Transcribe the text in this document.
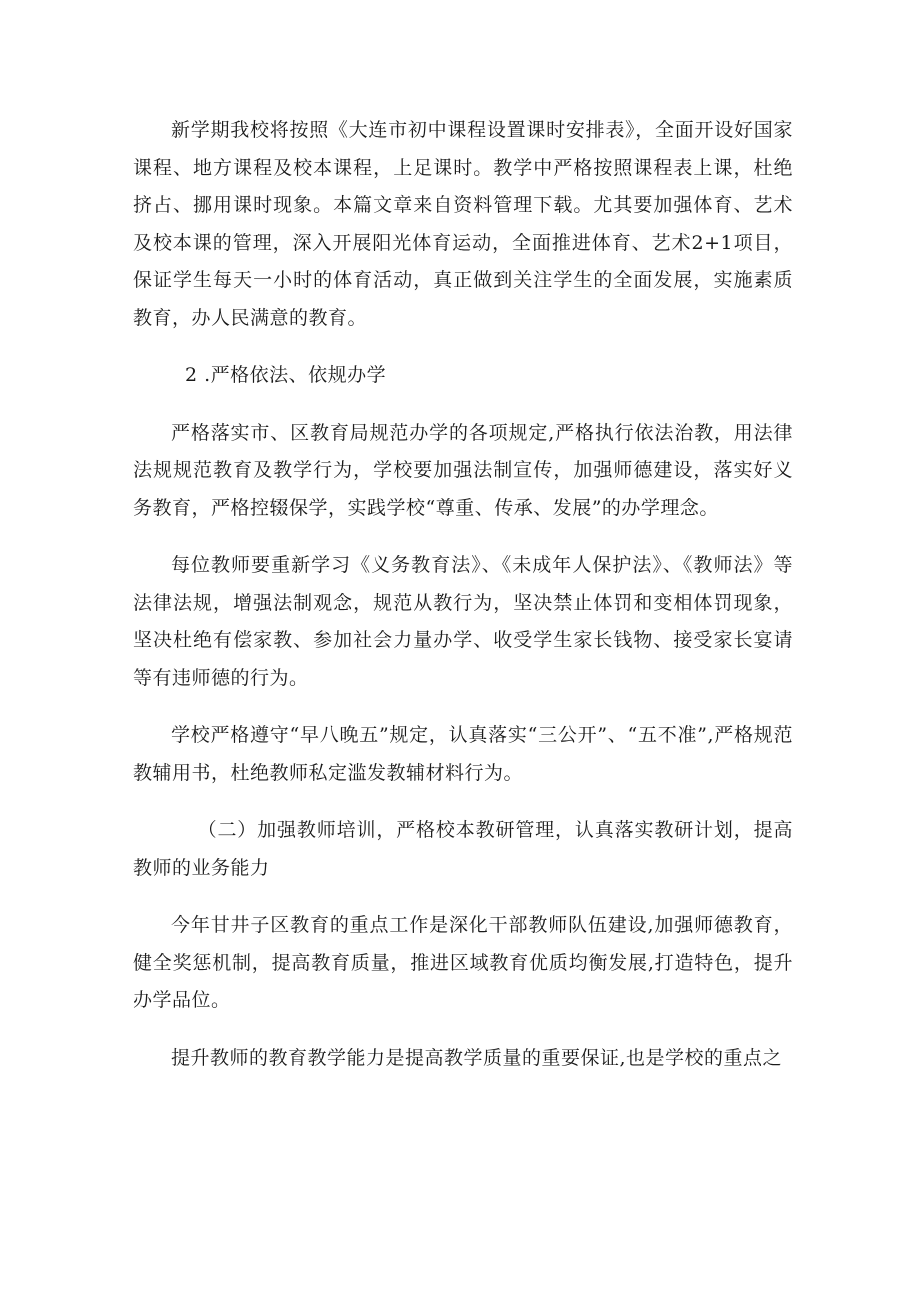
新学期我校将按照《大连市初中课程设置课时安排表》，全面开设好国家课程、地方课程及校本课程，上足课时。教学中严格按照课程表上课，杜绝挤占、挪用课时现象。本篇文章来自资料管理下载。尤其要加强体育、艺术及校本课的管理，深入开展阳光体育运动，全面推进体育、艺术2+1项目，保证学生每天一小时的体育活动，真正做到关注学生的全面发展，实施素质教育，办人民满意的教育。

2 .严格依法、依规办学

严格落实市、区教育局规范办学的各项规定,严格执行依法治教，用法律法规规范教育及教学行为，学校要加强法制宣传，加强师德建设，落实好义务教育，严格控辍保学，实践学校“尊重、传承、发展”的办学理念。

每位教师要重新学习《义务教育法》、《未成年人保护法》、《教师法》等法律法规，增强法制观念，规范从教行为，坚决禁止体罚和变相体罚现象，坚决杜绝有偿家教、参加社会力量办学、收受学生家长钱物、接受家长宴请等有违师德的行为。

学校严格遵守“早八晚五”规定，认真落实“三公开”、“五不准”,严格规范教辅用书，杜绝教师私定滥发教辅材料行为。

（二）加强教师培训，严格校本教研管理，认真落实教研计划，提高教师的业务能力

今年甘井子区教育的重点工作是深化干部教师队伍建设,加强师德教育，健全奖惩机制，提高教育质量，推进区域教育优质均衡发展,打造特色，提升办学品位。

提升教师的教育教学能力是提高教学质量的重要保证,也是学校的重点之
